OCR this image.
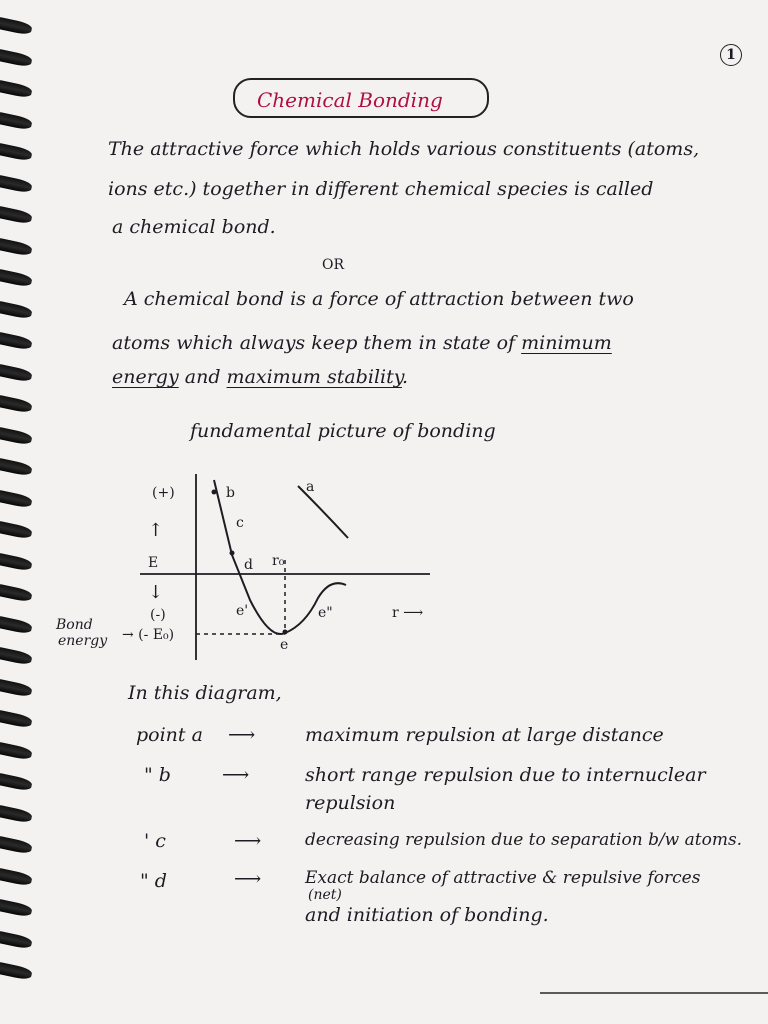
1
Chemical Bonding
The attractive force which holds various constituents (atoms,
ions etc.) together in different chemical species is called
a chemical bond.
OR
A chemical bond is a force of attraction between two
atoms which always keep them in state of minimum
energy and maximum stability.
fundamental picture of bonding
(+)
↑
E
↓
(-)
b	a
c
d r₀
e'	e"
e
r ⟶
Bond
energy → (- E₀)
In this diagram,
point a ⟶	maximum repulsion at large distance
" b	⟶	short range repulsion due to internuclear
repulsion
' c	⟶	decreasing repulsion due to separation b/w atoms.
" d	⟶	Exact balance of attractive & repulsive forces
(net)
and initiation of bonding.
